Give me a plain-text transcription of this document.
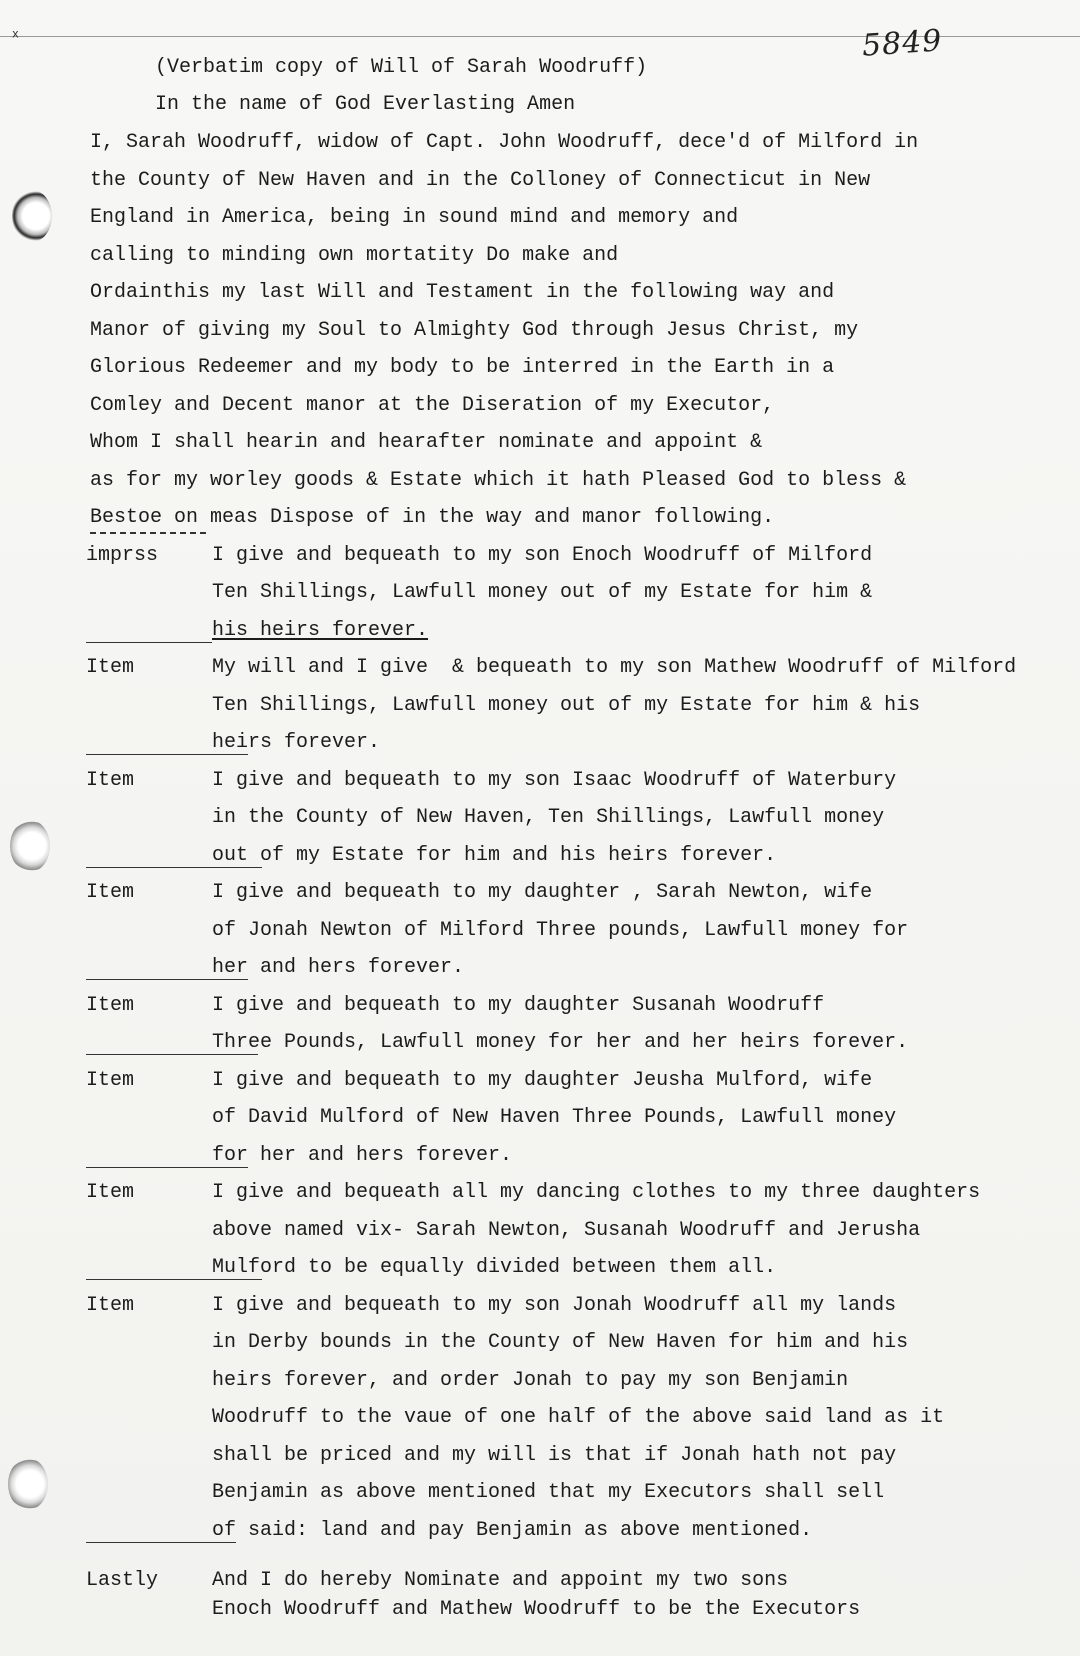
ˣ	5849
(Verbatim copy of Will of Sarah Woodruff)
In the name of God Everlasting Amen
I, Sarah Woodruff, widow of Capt. John Woodruff, dece'd of Milford in
the County of New Haven and in the Colloney of Connecticut in New
England in America, being in sound mind and memory and
calling to minding own mortatity Do make and
Ordainthis my last Will and Testament in the following way and
Manor of giving my Soul to Almighty God through Jesus Christ, my
Glorious Redeemer and my body to be interred in the Earth in a
Comley and Decent manor at the Diseration of my Executor,
Whom I shall hearin and hearafter nominate and appoint &
as for my worley goods & Estate which it hath Pleased God to bless &
Bestoe on meas Dispose of in the way and manor following.
imprss	I give and bequeath to my son Enoch Woodruff of Milford
Ten Shillings, Lawfull money out of my Estate for him &
his heirs forever.
Item	My will and I give  & bequeath to my son Mathew Woodruff of Milford
Ten Shillings, Lawfull money out of my Estate for him & his
heirs forever.
Item	I give and bequeath to my son Isaac Woodruff of Waterbury
in the County of New Haven, Ten Shillings, Lawfull money
out of my Estate for him and his heirs forever.
Item	I give and bequeath to my daughter , Sarah Newton, wife
of Jonah Newton of Milford Three pounds, Lawfull money for
her and hers forever.
Item	I give and bequeath to my daughter Susanah Woodruff
Three Pounds, Lawfull money for her and her heirs forever.
Item	I give and bequeath to my daughter Jeusha Mulford, wife
of David Mulford of New Haven Three Pounds, Lawfull money
for her and hers forever.
Item	I give and bequeath all my dancing clothes to my three daughters
above named vix- Sarah Newton, Susanah Woodruff and Jerusha
Mulford to be equally divided between them all.
Item	I give and bequeath to my son Jonah Woodruff all my lands
in Derby bounds in the County of New Haven for him and his
heirs forever, and order Jonah to pay my son Benjamin
Woodruff to the vaue of one half of the above said land as it
shall be priced and my will is that if Jonah hath not pay
Benjamin as above mentioned that my Executors shall sell
of said: land and pay Benjamin as above mentioned.
Lastly	And I do hereby Nominate and appoint my two sons
Enoch Woodruff and Mathew Woodruff to be the Executors
